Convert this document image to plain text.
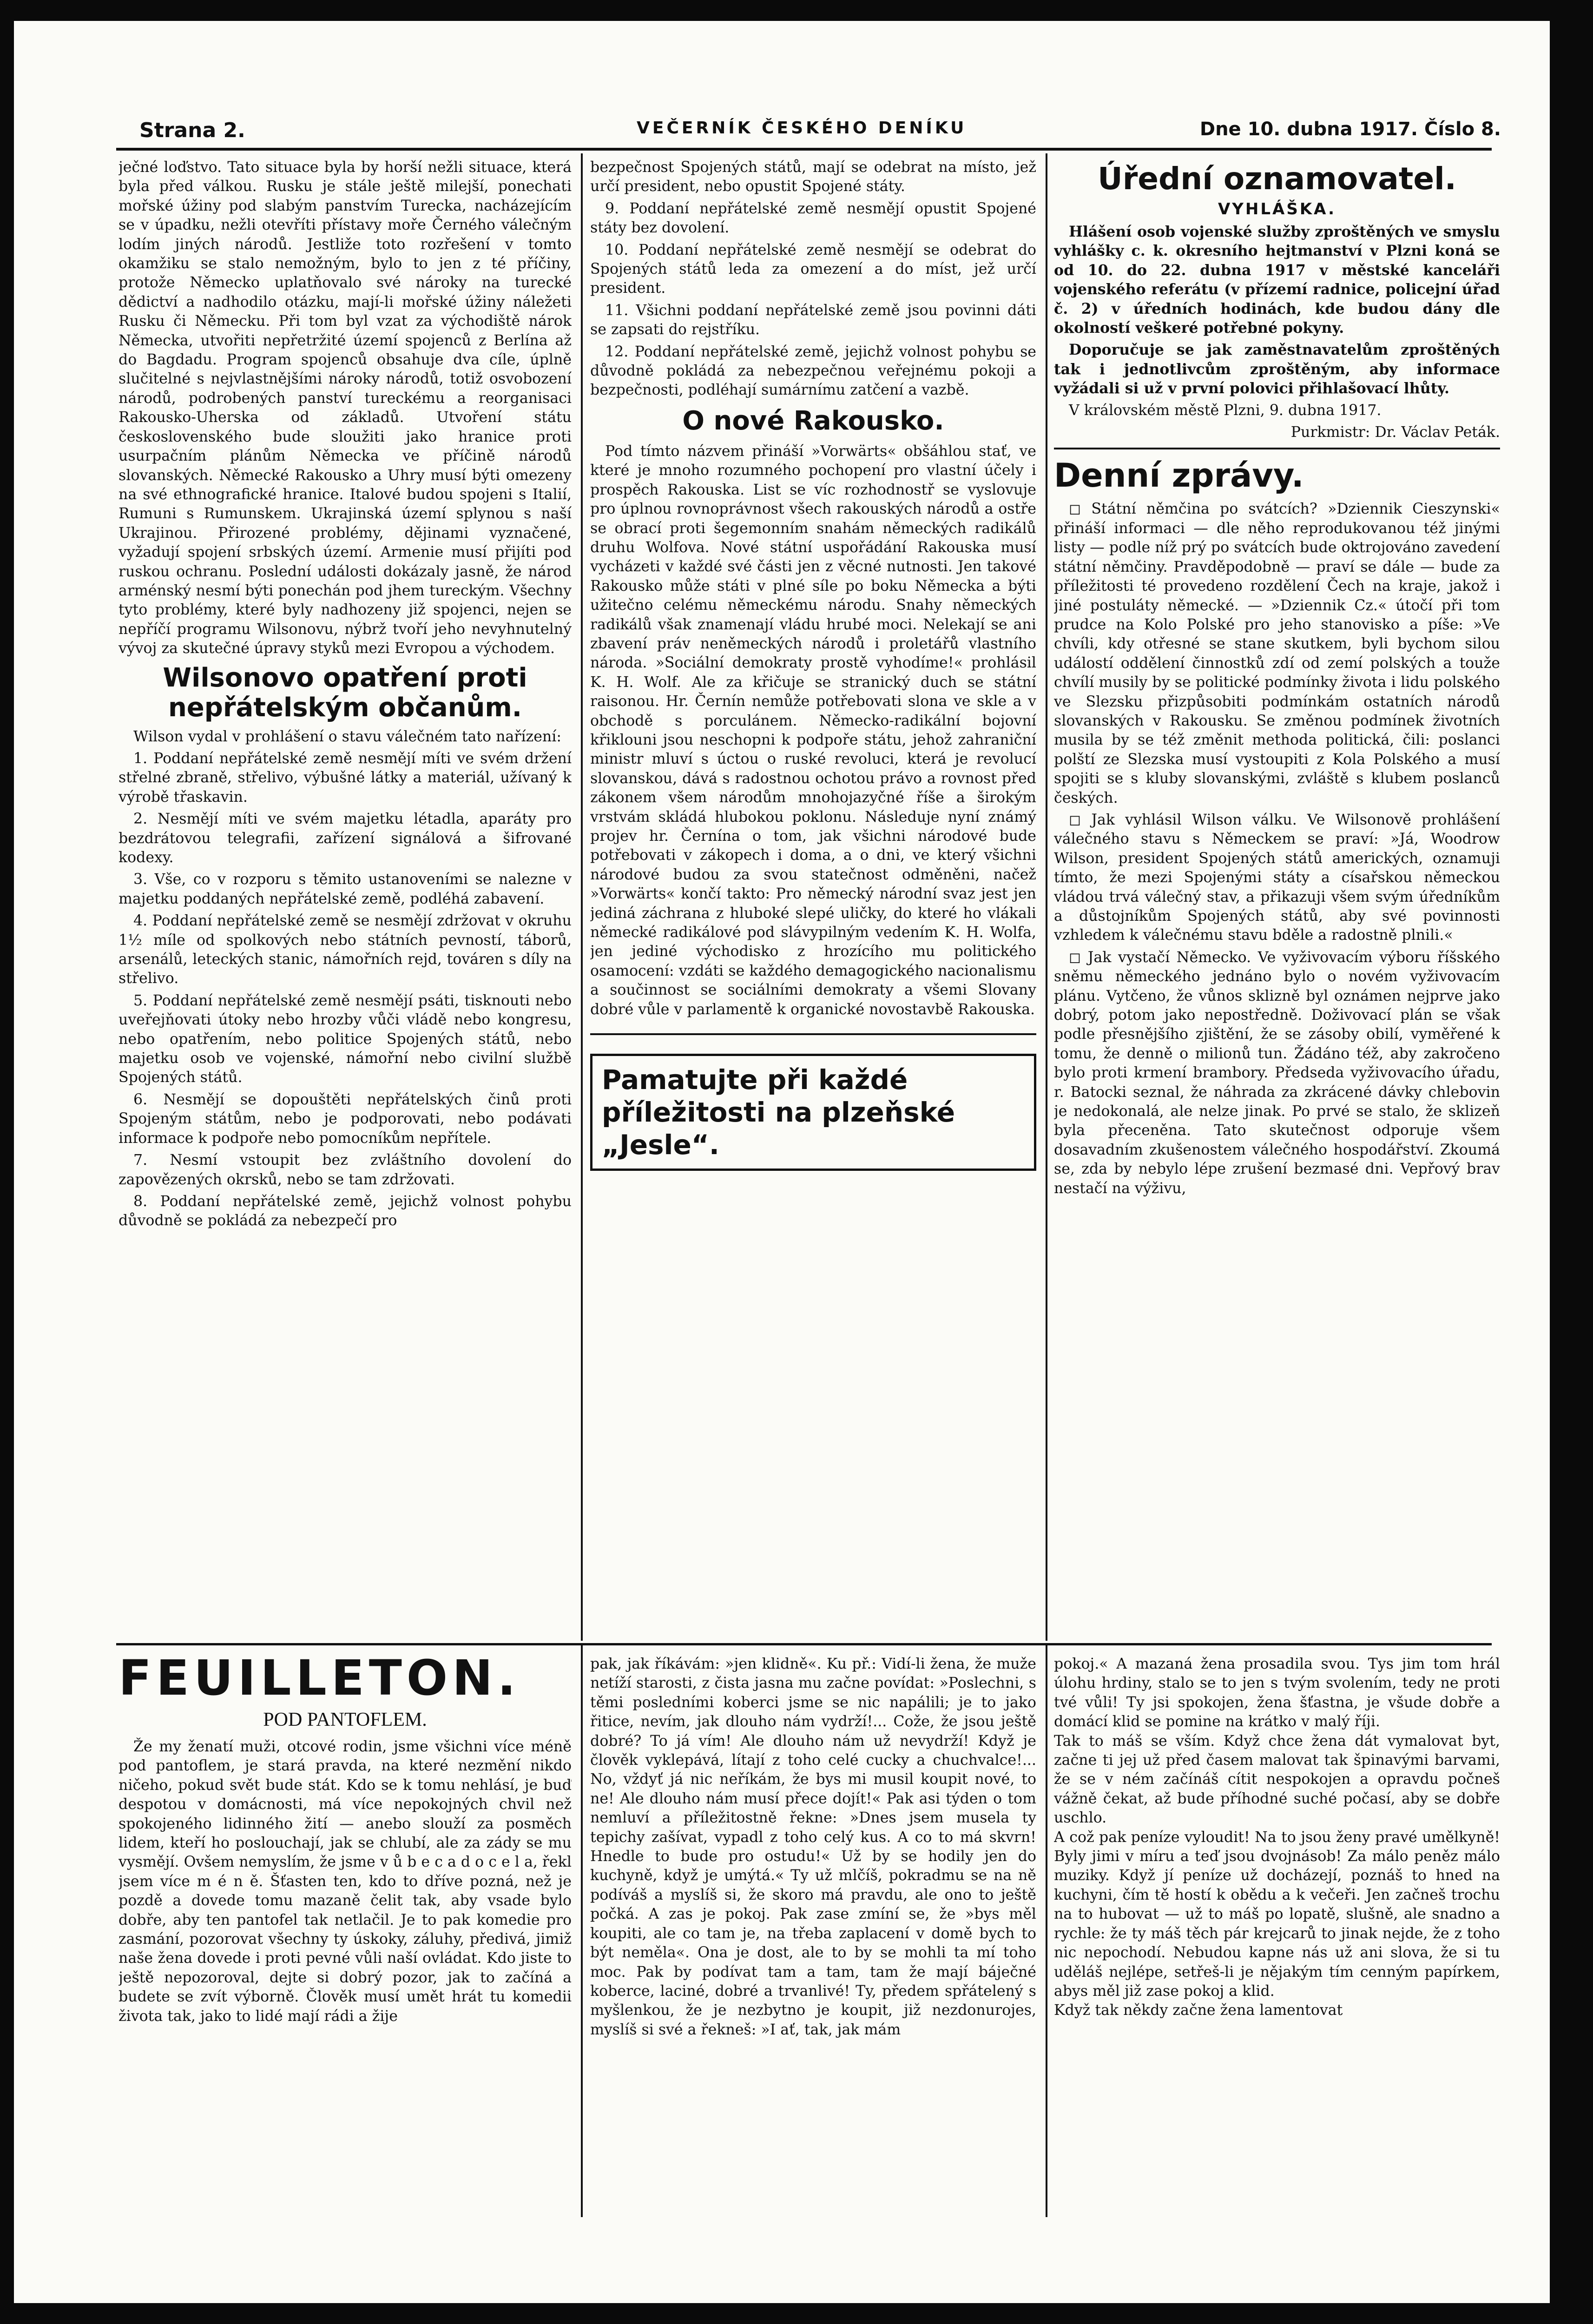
Strana 2.	VEČERNÍK ČESKÉHO DENÍKU	Dne 10. dubna 1917. Číslo 8.

ječné loďstvo. Tato situace byla by horší nežli situace, která byla před válkou. Rusku je stále ještě milejší, ponechati mořské úžiny pod slabým panstvím Turecka, nacházejícím se v úpadku, nežli otevříti přístavy moře Černého válečným lodím jiných národů. Jestliže toto rozřešení v tomto okamžiku se stalo nemožným, bylo to jen z té příčiny, protože Německo uplatňovalo své nároky na turecké dědictví a nadhodilo otázku, mají-li mořské úžiny náležeti Rusku či Německu. Při tom byl vzat za východiště nárok Německa, utvořiti nepřetržité území spojenců z Berlína až do Bagdadu. Program spojenců obsahuje dva cíle, úplně slučitelné s nejvlastnějšími nároky národů, totiž osvobození národů, podrobených panství tureckému a reorganisaci Rakousko-Uherska od základů. Utvoření státu československého bude sloužiti jako hranice proti usurpačním plánům Německa ve příčině národů slovanských. Německé Rakousko a Uhry musí býti omezeny na své ethnografické hranice. Italové budou spojeni s Italií, Rumuni s Rumunskem. Ukrajinská území splynou s naší Ukrajinou. Přirozené problémy, dějinami vyznačené, vyžadují spojení srbských území. Armenie musí přijíti pod ruskou ochranu. Poslední události dokázaly jasně, že národ arménský nesmí býti ponechán pod jhem tureckým. Všechny tyto problémy, které byly nadhozeny již spojenci, nejen se nepříčí programu Wilsonovu, nýbrž tvoří jeho nevyhnutelný vývoj za skutečné úpravy styků mezi Evropou a východem.

Wilsonovo opatření proti nepřátelským občanům.

Wilson vydal v prohlášení o stavu válečném tato nařízení:

1. Poddaní nepřátelské země nesmějí míti ve svém držení střelné zbraně, střelivo, výbušné látky a materiál, užívaný k výrobě třaskavin.

2. Nesmějí míti ve svém majetku létadla, aparáty pro bezdrátovou telegrafii, zařízení signálová a šifrované kodexy.

3. Vše, co v rozporu s těmito ustanoveními se nalezne v majetku poddaných nepřátelské země, podléhá zabavení.

4. Poddaní nepřátelské země se nesmějí zdržovat v okruhu 1½ míle od spolkových nebo státních pevností, táborů, arsenálů, leteckých stanic, námořních rejd, továren s díly na střelivo.

5. Poddaní nepřátelské země nesmějí psáti, tisknouti nebo uveřejňovati útoky nebo hrozby vůči vládě nebo kongresu, nebo opatřením, nebo politice Spojených států, nebo majetku osob ve vojenské, námořní nebo civilní službě Spojených států.

6. Nesmějí se dopouštěti nepřátelských činů proti Spojeným státům, nebo je podporovati, nebo podávati informace k podpoře nebo pomocníkům nepřítele.

7. Nesmí vstoupit bez zvláštního dovolení do zapovězených okrsků, nebo se tam zdržovati.

8. Poddaní nepřátelské země, jejichž volnost pohybu důvodně se pokládá za nebezpečí pro

bezpečnost Spojených států, mají se odebrat na místo, jež určí president, nebo opustit Spojené státy.

9. Poddaní nepřátelské země nesmějí opustit Spojené státy bez dovolení.

10. Poddaní nepřátelské země nesmějí se odebrat do Spojených států leda za omezení a do míst, jež určí president.

11. Všichni poddaní nepřátelské země jsou povinni dáti se zapsati do rejstříku.

12. Poddaní nepřátelské země, jejichž volnost pohybu se důvodně pokládá za nebezpečnou veřejnému pokoji a bezpečnosti, podléhají sumárnímu zatčení a vazbě.

O nové Rakousko.

Pod tímto názvem přináší »Vorwärts« obšáhlou stať, ve které je mnoho rozumného pochopení pro vlastní účely i prospěch Rakouska. List se víc rozhodnostř se vyslovuje pro úplnou rovnoprávnost všech rakouských národů a ostře se obrací proti šegemonním snahám německých radikálů druhu Wolfova. Nové státní uspořádání Rakouska musí vycházeti v každé své části jen z věcné nutnosti. Jen takové Rakousko může státi v plné síle po boku Německa a býti užitečno celému německému národu. Snahy německých radikálů však znamenají vládu hrubé moci. Nelekají se ani zbavení práv neněmeckých národů i proletářů vlastního národa. »Sociální demokraty prostě vyhodíme!« prohlásil K. H. Wolf. Ale za křičuje se stranický duch se státní raisonou. Hr. Černín nemůže potřebovati slona ve skle a v obchodě s porculánem. Německo-radikální bojovní křiklouni jsou neschopni k podpoře státu, jehož zahraniční ministr mluví s úctou o ruské revoluci, která je revolucí slovanskou, dává s radostnou ochotou právo a rovnost před zákonem všem národům mnohojazyčné říše a širokým vrstvám skládá hlubokou poklonu. Následuje nyní známý projev hr. Černína o tom, jak všichni národové bude potřebovati v zákopech i doma, a o dni, ve který všichni národové budou za svou statečnost odměněni, načež »Vorwärts« končí takto: Pro německý národní svaz jest jen jediná záchrana z hluboké slepé uličky, do které ho vlákali německé radikálové pod slávypilným vedením K. H. Wolfa, jen jediné východisko z hrozícího mu politického osamocení: vzdáti se každého demagogického nacionalismu a součinnost se sociálními demokraty a všemi Slovany dobré vůle v parlamentě k organické novostavbě Rakouska.

Pamatujte při každé příležitosti na plzeňské „Jesle“.
Úřední oznamovatel.
VYHLÁŠKA.

Hlášení osob vojenské služby zproštěných ve smyslu vyhlášky c. k. okresního hejtmanství v Plzni koná se od 10. do 22. dubna 1917 v městské kanceláři vojenského referátu (v přízemí radnice, policejní úřad č. 2) v úředních hodinách, kde budou dány dle okolností veškeré potřebné pokyny.

Doporučuje se jak zaměstnavatelům zproštěných tak i jednotlivcům zproštěným, aby informace vyžádali si už v první polovici přihlašovací lhůty.

V královském městě Plzni, 9. dubna 1917.

Purkmistr: Dr. Václav Peták.

Denní zprávy.

◻ Státní němčina po svátcích? »Dziennik Cieszynski« přináší informaci — dle něho reprodukovanou též jinými listy — podle níž prý po svátcích bude oktrojováno zavedení státní němčiny. Pravděpodobně — praví se dále — bude za příležitosti té provedeno rozdělení Čech na kraje, jakož i jiné postuláty německé. — »Dziennik Cz.« útočí při tom prudce na Kolo Polské pro jeho stanovisko a píše: »Ve chvíli, kdy otřesné se stane skutkem, byli bychom silou událostí oddělení činnostků zdí od zemí polských a touže chvílí musily by se politické podmínky života i lidu polského ve Slezsku přizpůsobiti podmínkám ostatních národů slovanských v Rakousku. Se změnou podmínek životních musila by se též změnit methoda politická, čili: poslanci polští ze Slezska musí vystoupiti z Kola Polského a musí spojiti se s kluby slovanskými, zvláště s klubem poslanců českých.

◻ Jak vyhlásil Wilson válku. Ve Wilsonově prohlášení válečného stavu s Německem se praví: »Já, Woodrow Wilson, president Spojených států amerických, oznamuji tímto, že mezi Spojenými státy a císařskou německou vládou trvá válečný stav, a přikazuji všem svým úředníkům a důstojníkům Spojených států, aby své povinnosti vzhledem k válečnému stavu bděle a radostně plnili.«

◻ Jak vystačí Německo. Ve vyživovacím výboru říšského sněmu německého jednáno bylo o novém vyživovacím plánu. Vytčeno, že vůnos sklizně byl oznámen nejprve jako dobrý, potom jako nepostředně. Doživovací plán se však podle přesnějšího zjištění, že se zásoby obilí, vyměřené k tomu, že denně o milionů tun. Žádáno též, aby zakročeno bylo proti krmení brambory. Předseda vyživovacího úřadu, r. Batocki seznal, že náhrada za zkrácené dávky chlebovin je nedokonalá, ale nelze jinak. Po prvé se stalo, že sklizeň byla přeceněna. Tato skutečnost odporuje všem dosavadním zkušenostem válečného hospodářství. Zkoumá se, zda by nebylo lépe zrušení bezmasé dni. Vepřový brav nestačí na výživu,

FEUILLETON.
POD PANTOFLEM.

Že my ženatí muži, otcové rodin, jsme všichni více méně pod pantoflem, je stará pravda, na které nezmění nikdo ničeho, pokud svět bude stát. Kdo se k tomu nehlásí, je buď despotou v domácnosti, má více nepokojných chvil než spokojeného lidinného žití — anebo slouží za posměch lidem, kteří ho poslouchají, jak se chlubí, ale za zády se mu vysmějí. Ovšem nemyslím, že jsme v ů b e c a d o c e l a, řekl jsem více m é n ě. Šťasten ten, kdo to dříve pozná, než je pozdě a dovede tomu mazaně čelit tak, aby vsade bylo dobře, aby ten pantofel tak netlačil. Je to pak komedie pro zasmání, pozorovat všechny ty úskoky, záluhy, předivá, jimiž naše žena dovede i proti pevné vůli naší ovládat. Kdo jiste to ještě nepozoroval, dejte si dobrý pozor, jak to začíná a budete se zvít výborně. Člověk musí umět hrát tu komedii života tak, jako to lidé mají rádi a žije

pak, jak říkávám: »jen klidně«. Ku př.: Vidí-li žena, že muže netíží starosti, z čista jasna mu začne povídat: »Poslechni, s těmi posledními koberci jsme se nic napálili; je to jako řitice, nevím, jak dlouho nám vydrží!... Cože, že jsou ještě dobré? To já vím! Ale dlouho nám už nevydrží! Když je člověk vyklepává, lítají z toho celé cucky a chuchvalce!... No, vždyť já nic neříkám, že bys mi musil koupit nové, to ne! Ale dlouho nám musí přece dojít!« Pak asi týden o tom nemluví a příležitostně řekne: »Dnes jsem musela ty tepichy zašívat, vypadl z toho celý kus. A co to má skvrn! Hnedle to bude pro ostudu!« Už by se hodily jen do kuchyně, když je umýtá.« Ty už mlčíš, pokradmu se na ně podíváš a myslíš si, že skoro má pravdu, ale ono to ještě počká. A zas je pokoj. Pak zase zmíní se, že »bys měl koupiti, ale co tam je, na třeba zaplacení v domě bych to být neměla«. Ona je dost, ale to by se mohli ta mí toho moc. Pak by podívat tam a tam, tam že mají báječné koberce, laciné, dobré a trvanlivé! Ty, předem spřátelený s myšlenkou, že je nezbytno je koupit, již nezdonurojes, myslíš si své a řekneš: »I ať, tak, jak mám

pokoj.« A mazaná žena prosadila svou. Tys jim tom hrál úlohu hrdiny, stalo se to jen s tvým svolením, tedy ne proti tvé vůli! Ty jsi spokojen, žena šťastna, je všude dobře a domácí klid se pomine na krátko v malý říji.
Tak to máš se vším. Když chce žena dát vymalovat byt, začne ti jej už před časem malovat tak špinavými barvami, že se v ném začínáš cítit nespokojen a opravdu počneš vážně čekat, až bude příhodné suché počasí, aby se dobře uschlo.
A což pak peníze vyloudit! Na to jsou ženy pravé umělkyně! Byly jimi v míru a teď jsou dvojnásob! Za málo peněz málo muziky. Když jí peníze už docházejí, poznáš to hned na kuchyni, čím tě hostí k obědu a k večeři. Jen začneš trochu na to hubovat — už to máš po lopatě, slušně, ale snadno a rychle: že ty máš těch pár krejcarů to jinak nejde, že z toho nic nepochodí. Nebudou kapne nás už ani slova, že si tu uděláš nejlépe, setřeš-li je nějakým tím cenným papírkem, abys měl již zase pokoj a klid.
Když tak někdy začne žena lamentovat
